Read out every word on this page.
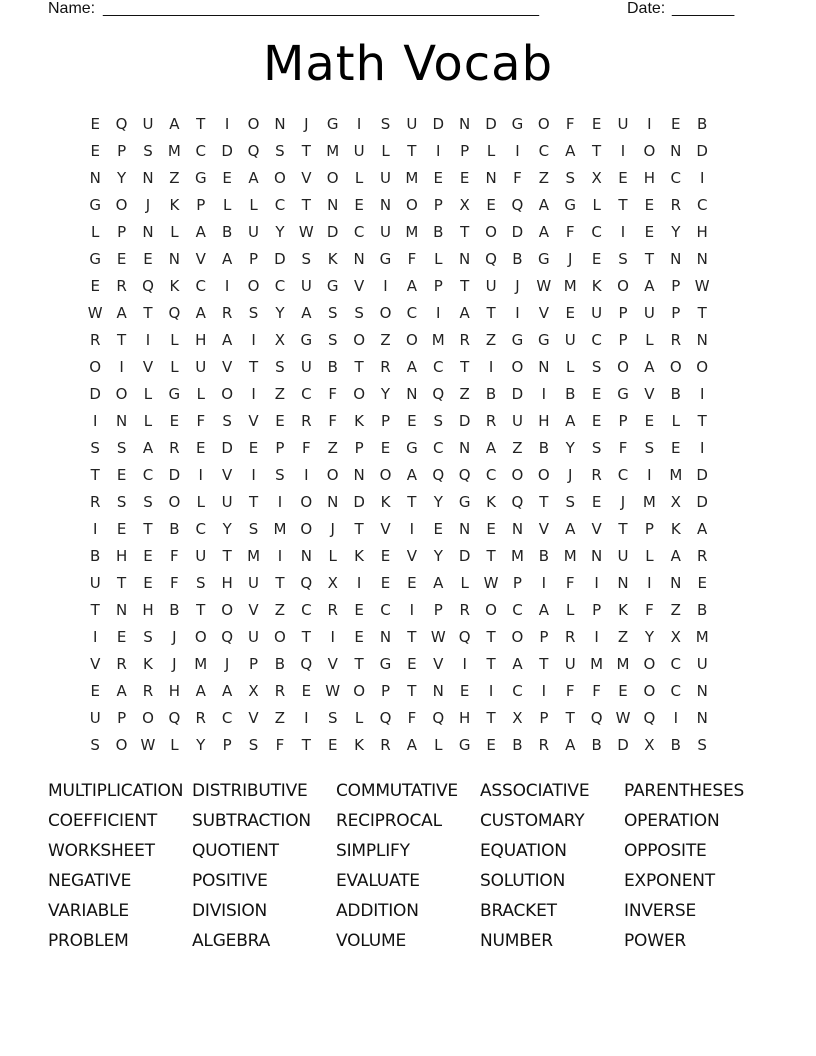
Name: _________________________________________________	Date: _______
Math Vocab
E	Q	U	A	T	I	O N	J	G	I	S	U	D	N D G O	F	E	U	I	E	B
E	P	S	M C	D Q	S	T	M U	L	T	I	P	L	I	C	A	T	I	O N D
N	Y	N	Z	G	E	A	O	V	O	L	U M	E	E	N	F	Z	S	X	E	H	C	I
G O	J	K	P	L	L	C	T	N	E	N O	P	X	E	Q	A	G	L	T	E	R	C
L	P	N	L	A	B	U	Y W D	C	U M B	T	O D	A	F	C	I	E	Y	H
G	E	E	N	V	A	P	D	S	K	N G	F	L	N Q	B	G	J	E	S	T	N	N
E	R	Q	K	C	I	O	C	U	G	V	I	A	P	T	U	J	W M K	O	A	P W
W A	T	Q	A	R	S	Y	A	S	S	O	C	I	A	T	I	V	E	U	P	U	P	T
R	T	I	L	H	A	I	X	G	S	O	Z	O M R	Z	G G	U	C	P	L	R	N
O	I	V	L	U	V	T	S	U	B	T	R	A	C	T	I	O N	L	S	O	A	O O
D O	L	G	L	O	I	Z	C	F	O	Y	N Q	Z	B	D	I	B	E	G	V	B	I
I	N	L	E	F	S	V	E	R	F	K	P	E	S	D	R	U	H	A	E	P	E	L	T
S	S	A	R	E	D	E	P	F	Z	P	E	G	C	N	A	Z	B	Y	S	F	S	E	I
T	E	C	D	I	V	I	S	I	O N O	A	Q Q	C	O O	J	R	C	I	M D
R	S	S	O	L	U	T	I	O N D	K	T	Y	G	K	Q	T	S	E	J	M X	D
I	E	T	B	C	Y	S	M O	J	T	V	I	E	N	E	N	V	A	V	T	P	K	A
B	H	E	F	U	T	M	I	N	L	K	E	V	Y	D	T	M B M N	U	L	A	R
U	T	E	F	S	H	U	T	Q	X	I	E	E	A	L W P	I	F	I	N	I	N	E
T	N	H	B	T	O	V	Z	C	R	E	C	I	P	R	O	C	A	L	P	K	F	Z	B
I	E	S	J	O Q	U O	T	I	E	N	T W Q	T	O	P	R	I	Z	Y	X M
V	R	K	J	M	J	P	B	Q	V	T	G	E	V	I	T	A	T	U M M O	C	U
E	A	R	H	A	A	X	R	E W O	P	T	N	E	I	C	I	F	F	E	O	C	N
U	P	O Q	R	C	V	Z	I	S	L	Q	F	Q H	T	X	P	T	Q W Q	I	N
S	O W L	Y	P	S	F	T	E	K	R	A	L	G	E	B	R	A	B	D	X	B	S
MULTIPLICATION DISTRIBUTIVE	COMMUTATIVE	ASSOCIATIVE	PARENTHESES
COEFFICIENT	SUBTRACTION	RECIPROCAL	CUSTOMARY	OPERATION
WORKSHEET	QUOTIENT	SIMPLIFY	EQUATION	OPPOSITE
NEGATIVE	POSITIVE	EVALUATE	SOLUTION	EXPONENT
VARIABLE	DIVISION	ADDITION	BRACKET	INVERSE
PROBLEM	ALGEBRA	VOLUME	NUMBER	POWER
